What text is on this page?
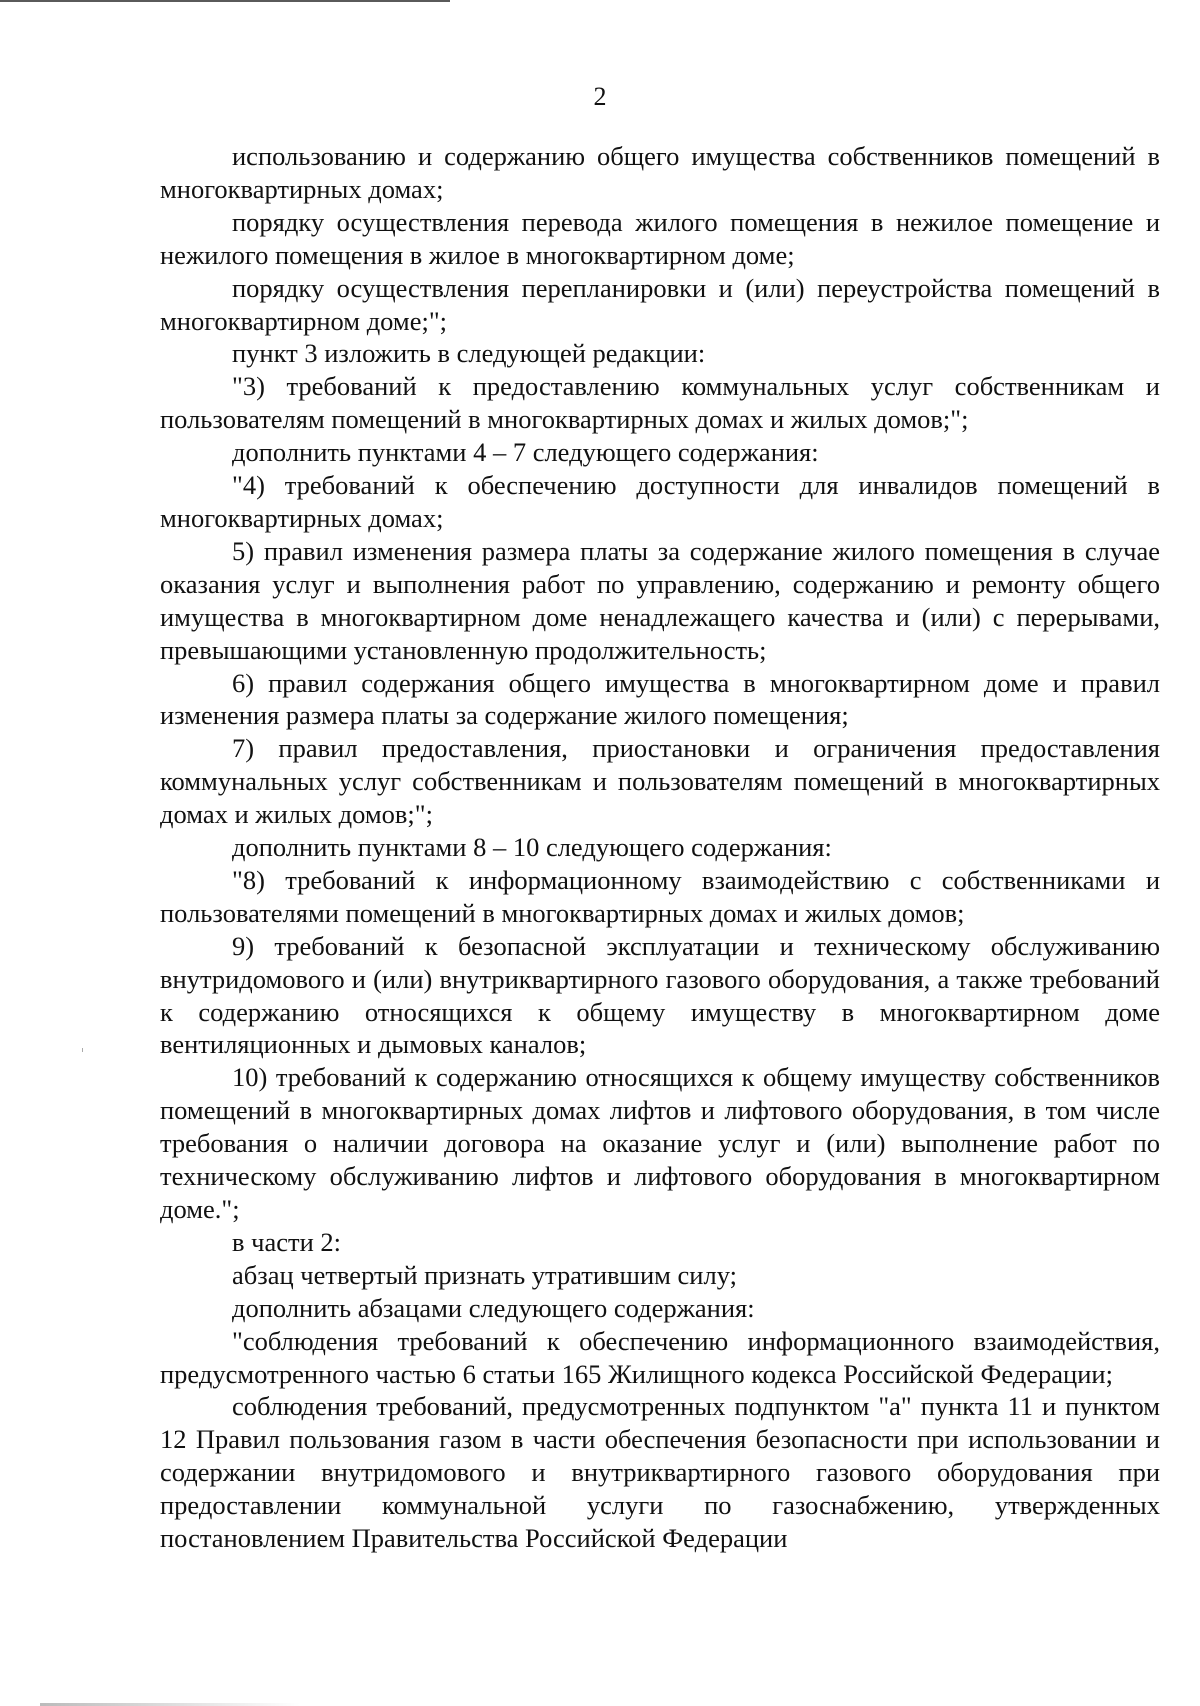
2

использованию и содержанию общего имущества собственников помещений в многоквартирных домах;

порядку осуществления перевода жилого помещения в нежилое помещение и нежилого помещения в жилое в многоквартирном доме;

порядку осуществления перепланировки и (или) переустройства помещений в многоквартирном доме;";

пункт 3 изложить в следующей редакции:

"3) требований к предоставлению коммунальных услуг собственникам и пользователям помещений в многоквартирных домах и жилых домов;";

дополнить пунктами 4 – 7 следующего содержания:

"4) требований к обеспечению доступности для инвалидов помещений в многоквартирных домах;

5) правил изменения размера платы за содержание жилого помещения в случае оказания услуг и выполнения работ по управлению, содержанию и ремонту общего имущества в многоквартирном доме ненадлежащего качества и (или) с перерывами, превышающими установленную продолжительность;

6) правил содержания общего имущества в многоквартирном доме и правил изменения размера платы за содержание жилого помещения;

7) правил предоставления, приостановки и ограничения предоставления коммунальных услуг собственникам и пользователям помещений в многоквартирных домах и жилых домов;";

дополнить пунктами 8 – 10 следующего содержания:

"8) требований к информационному взаимодействию с собственниками и пользователями помещений в многоквартирных домах и жилых домов;

9) требований к безопасной эксплуатации и техническому обслуживанию внутридомового и (или) внутриквартирного газового оборудования, а также требований к содержанию относящихся к общему имуществу в многоквартирном доме вентиляционных и дымовых каналов;

10) требований к содержанию относящихся к общему имуществу собственников помещений в многоквартирных домах лифтов и лифтового оборудования, в том числе требования о наличии договора на оказание услуг и (или) выполнение работ по техническому обслуживанию лифтов и лифтового оборудования в многоквартирном доме.";

в части 2:

абзац четвертый признать утратившим силу;

дополнить абзацами следующего содержания:

"соблюдения требований к обеспечению информационного взаимодействия, предусмотренного частью 6 статьи 165 Жилищного кодекса Российской Федерации;

соблюдения требований, предусмотренных подпунктом "а" пункта 11 и пунктом 12 Правил пользования газом в части обеспечения безопасности при использовании и содержании внутридомового и внутриквартирного газового оборудования при предоставлении коммунальной услуги по газоснабжению, утвержденных постановлением Правительства Российской Федерации
